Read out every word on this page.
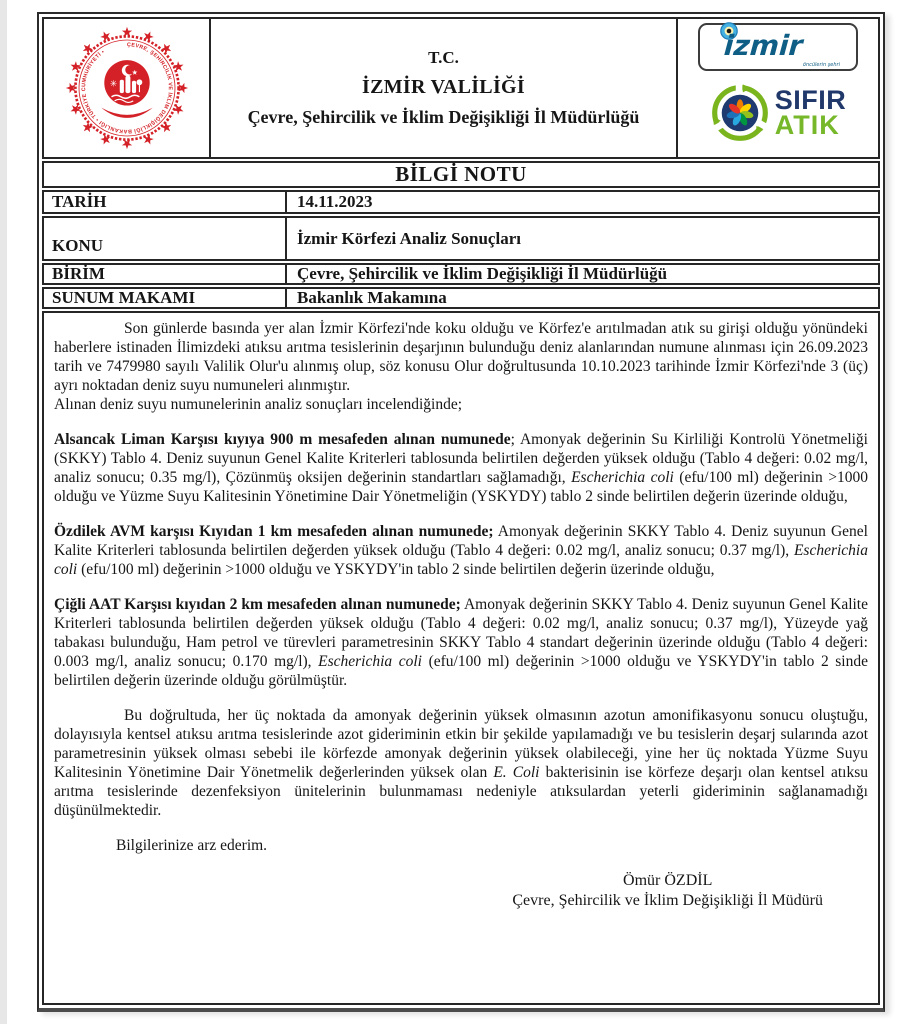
ÇEVRE, ŞEHİRCİLİK VE İKLİM DEĞİŞİKLİĞİ BAKANLIĞI • TÜRKİYE CUMHURİYETİ •
✳
T.C.
İZMİR VALİLİĞİ
Çevre, Şehircilik ve İklim Değişikliği İl Müdürlüğü
izmir
öncülerin şehri
SIFIR
ATIK
BİLGİ NOTU
TARİH	14.11.2023
KONU	İzmir Körfezi Analiz Sonuçları
BİRİM	Çevre, Şehircilik ve İklim Değişikliği İl Müdürlüğü
SUNUM MAKAMI	Bakanlık Makamına

Son günlerde basında yer alan İzmir Körfezi'nde koku olduğu ve Körfez'e arıtılmadan atık su girişi olduğu yönündeki haberlere istinaden İlimizdeki atıksu arıtma tesislerinin deşarjının bulunduğu deniz alanlarından numune alınması için 26.09.2023 tarih ve 7479980 sayılı Valilik Olur'u alınmış olup, söz konusu Olur doğrultusunda 10.10.2023 tarihinde İzmir Körfezi'nde 3 (üç) ayrı noktadan deniz suyu numuneleri alınmıştır.

Alınan deniz suyu numunelerinin analiz sonuçları incelendiğinde;

Alsancak Liman Karşısı kıyıya 900 m mesafeden alınan numunede; Amonyak değerinin Su Kirliliği Kontrolü Yönetmeliği (SKKY) Tablo 4. Deniz suyunun Genel Kalite Kriterleri tablosunda belirtilen değerden yüksek olduğu (Tablo 4 değeri: 0.02 mg/l, analiz sonucu; 0.35 mg/l), Çözünmüş oksijen değerinin standartları sağlamadığı, Escherichia coli (efu/100 ml) değerinin >1000 olduğu ve Yüzme Suyu Kalitesinin Yönetimine Dair Yönetmeliğin (YSKYDY) tablo 2 sinde belirtilen değerin üzerinde olduğu,

Özdilek AVM karşısı Kıyıdan 1 km mesafeden alınan numunede; Amonyak değerinin SKKY Tablo 4. Deniz suyunun Genel Kalite Kriterleri tablosunda belirtilen değerden yüksek olduğu (Tablo 4 değeri: 0.02 mg/l, analiz sonucu; 0.37 mg/l), Escherichia coli (efu/100 ml) değerinin >1000 olduğu ve YSKYDY'in tablo 2 sinde belirtilen değerin üzerinde olduğu,

Çiğli AAT Karşısı kıyıdan 2 km mesafeden alınan numunede; Amonyak değerinin SKKY Tablo 4. Deniz suyunun Genel Kalite Kriterleri tablosunda belirtilen değerden yüksek olduğu (Tablo 4 değeri: 0.02 mg/l, analiz sonucu; 0.37 mg/l), Yüzeyde yağ tabakası bulunduğu, Ham petrol ve türevleri parametresinin SKKY Tablo 4 standart değerinin üzerinde olduğu (Tablo 4 değeri: 0.003 mg/l, analiz sonucu; 0.170 mg/l), Escherichia coli (efu/100 ml) değerinin >1000 olduğu ve YSKYDY'in tablo 2 sinde belirtilen değerin üzerinde olduğu görülmüştür.

Bu doğrultuda, her üç noktada da amonyak değerinin yüksek olmasının azotun amonifikasyonu sonucu oluştuğu, dolayısıyla kentsel atıksu arıtma tesislerinde azot gideriminin etkin bir şekilde yapılamadığı ve bu tesislerin deşarj sularında azot parametresinin yüksek olması sebebi ile körfezde amonyak değerinin yüksek olabileceği, yine her üç noktada Yüzme Suyu Kalitesinin Yönetimine Dair Yönetmelik değerlerinden yüksek olan E. Coli bakterisinin ise körfeze deşarjı olan kentsel atıksu arıtma tesislerinde dezenfeksiyon ünitelerinin bulunmaması nedeniyle atıksulardan yeterli gideriminin sağlanamadığı düşünülmektedir.

Bilgilerinize arz ederim.

Ömür ÖZDİL
Çevre, Şehircilik ve İklim Değişikliği İl Müdürü
